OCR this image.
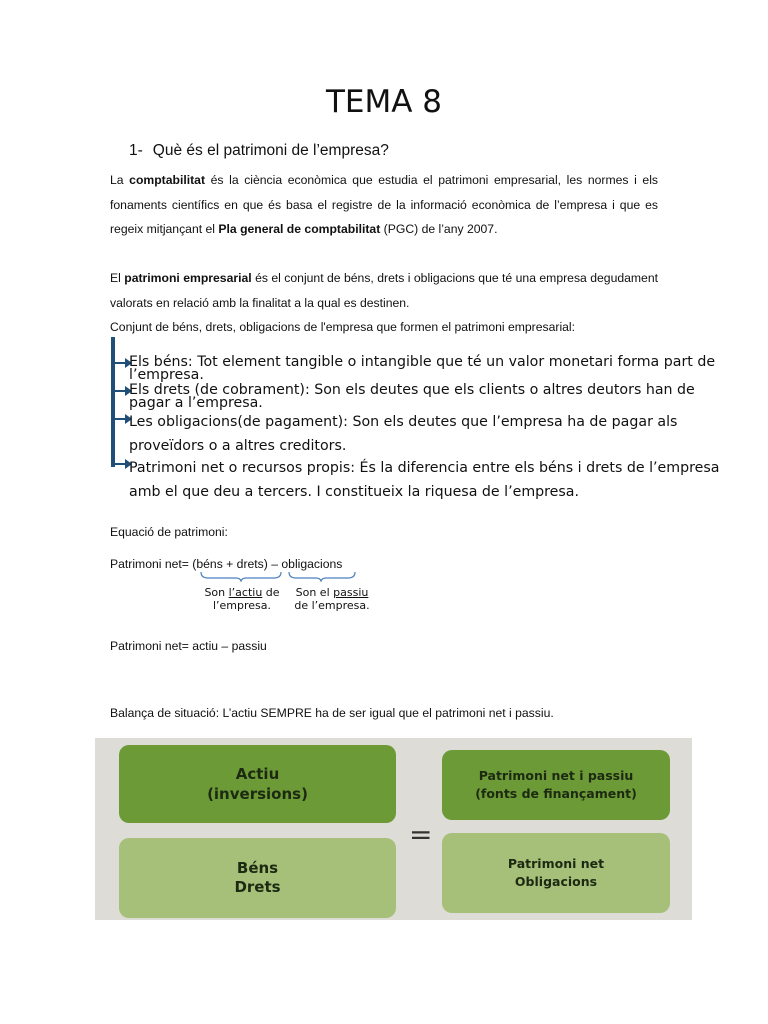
TEMA 8
1- Què és el patrimoni de l’empresa?
La comptabilitat és la ciència econòmica que estudia el patrimoni empresarial, les normes i els fonaments científics en que és basa el registre de la informació econòmica de l’empresa i que es regeix mitjançant el Pla general de comptabilitat (PGC) de l’any 2007.
El patrimoni empresarial és el conjunt de béns, drets i obligacions que té una empresa degudament valorats en relació amb la finalitat a la qual es destinen.
Conjunt de béns, drets, obligacions de l'empresa que formen el patrimoni empresarial:
Els béns: Tot element tangible o intangible que té un valor monetari forma part de l’empresa.
Els drets (de cobrament): Son els deutes que els clients o altres deutors han de pagar a l’empresa.
Les obligacions(de pagament): Son els deutes que l’empresa ha de pagar als proveïdors o a altres creditors.
Patrimoni net o recursos propis: És la diferencia entre els béns i drets de l’empresa amb el que deu a tercers. I constitueix la riquesa de l’empresa.
Equació de patrimoni:
Patrimoni net= (béns + drets) – obligacions
Son l’actiu de
l’empresa.
Son el passiu
de l’empresa.
Patrimoni net= actiu – passiu
Balança de situació: L’actiu SEMPRE ha de ser igual que el patrimoni net i passiu.
Actiu
(inversions)
Béns
Drets
=
Patrimoni net i passiu
(fonts de finançament)
Patrimoni net
Obligacions
